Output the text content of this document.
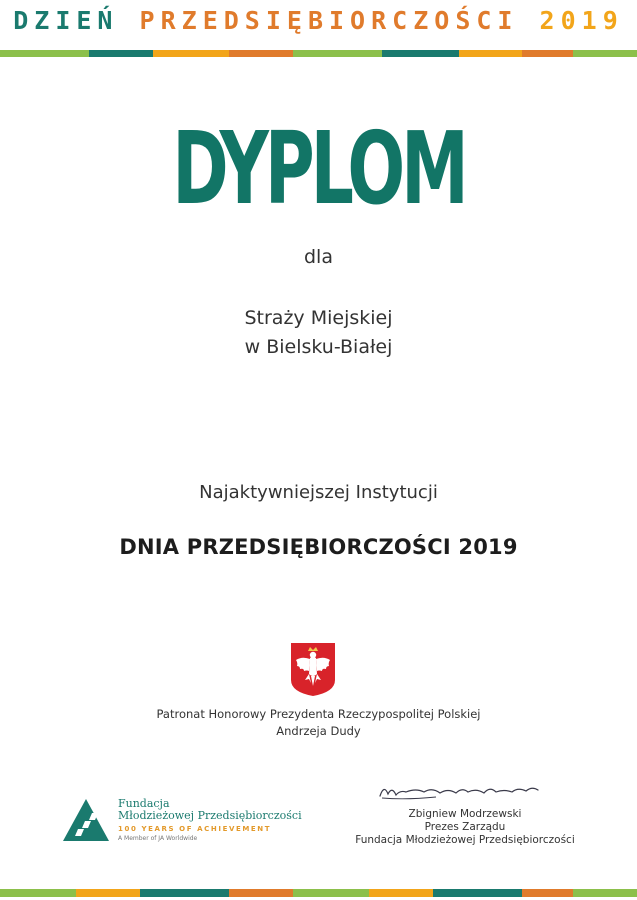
DZIEŃ PRZEDSIĘBIORCZOŚCI 2019
DYPLOM
dla
Straży Miejskiej
w Bielsku-Białej
Najaktywniejszej Instytucji
DNIA PRZEDSIĘBIORCZOŚCI 2019
Patronat Honorowy Prezydenta Rzeczypospolitej Polskiej
Andrzeja Dudy
Fundacja
Młodzieżowej Przedsiębiorczości
100 YEARS OF ACHIEVEMENT
A Member of JA Worldwide
Zbigniew Modrzewski
Prezes Zarządu
Fundacja Młodzieżowej Przedsiębiorczości
